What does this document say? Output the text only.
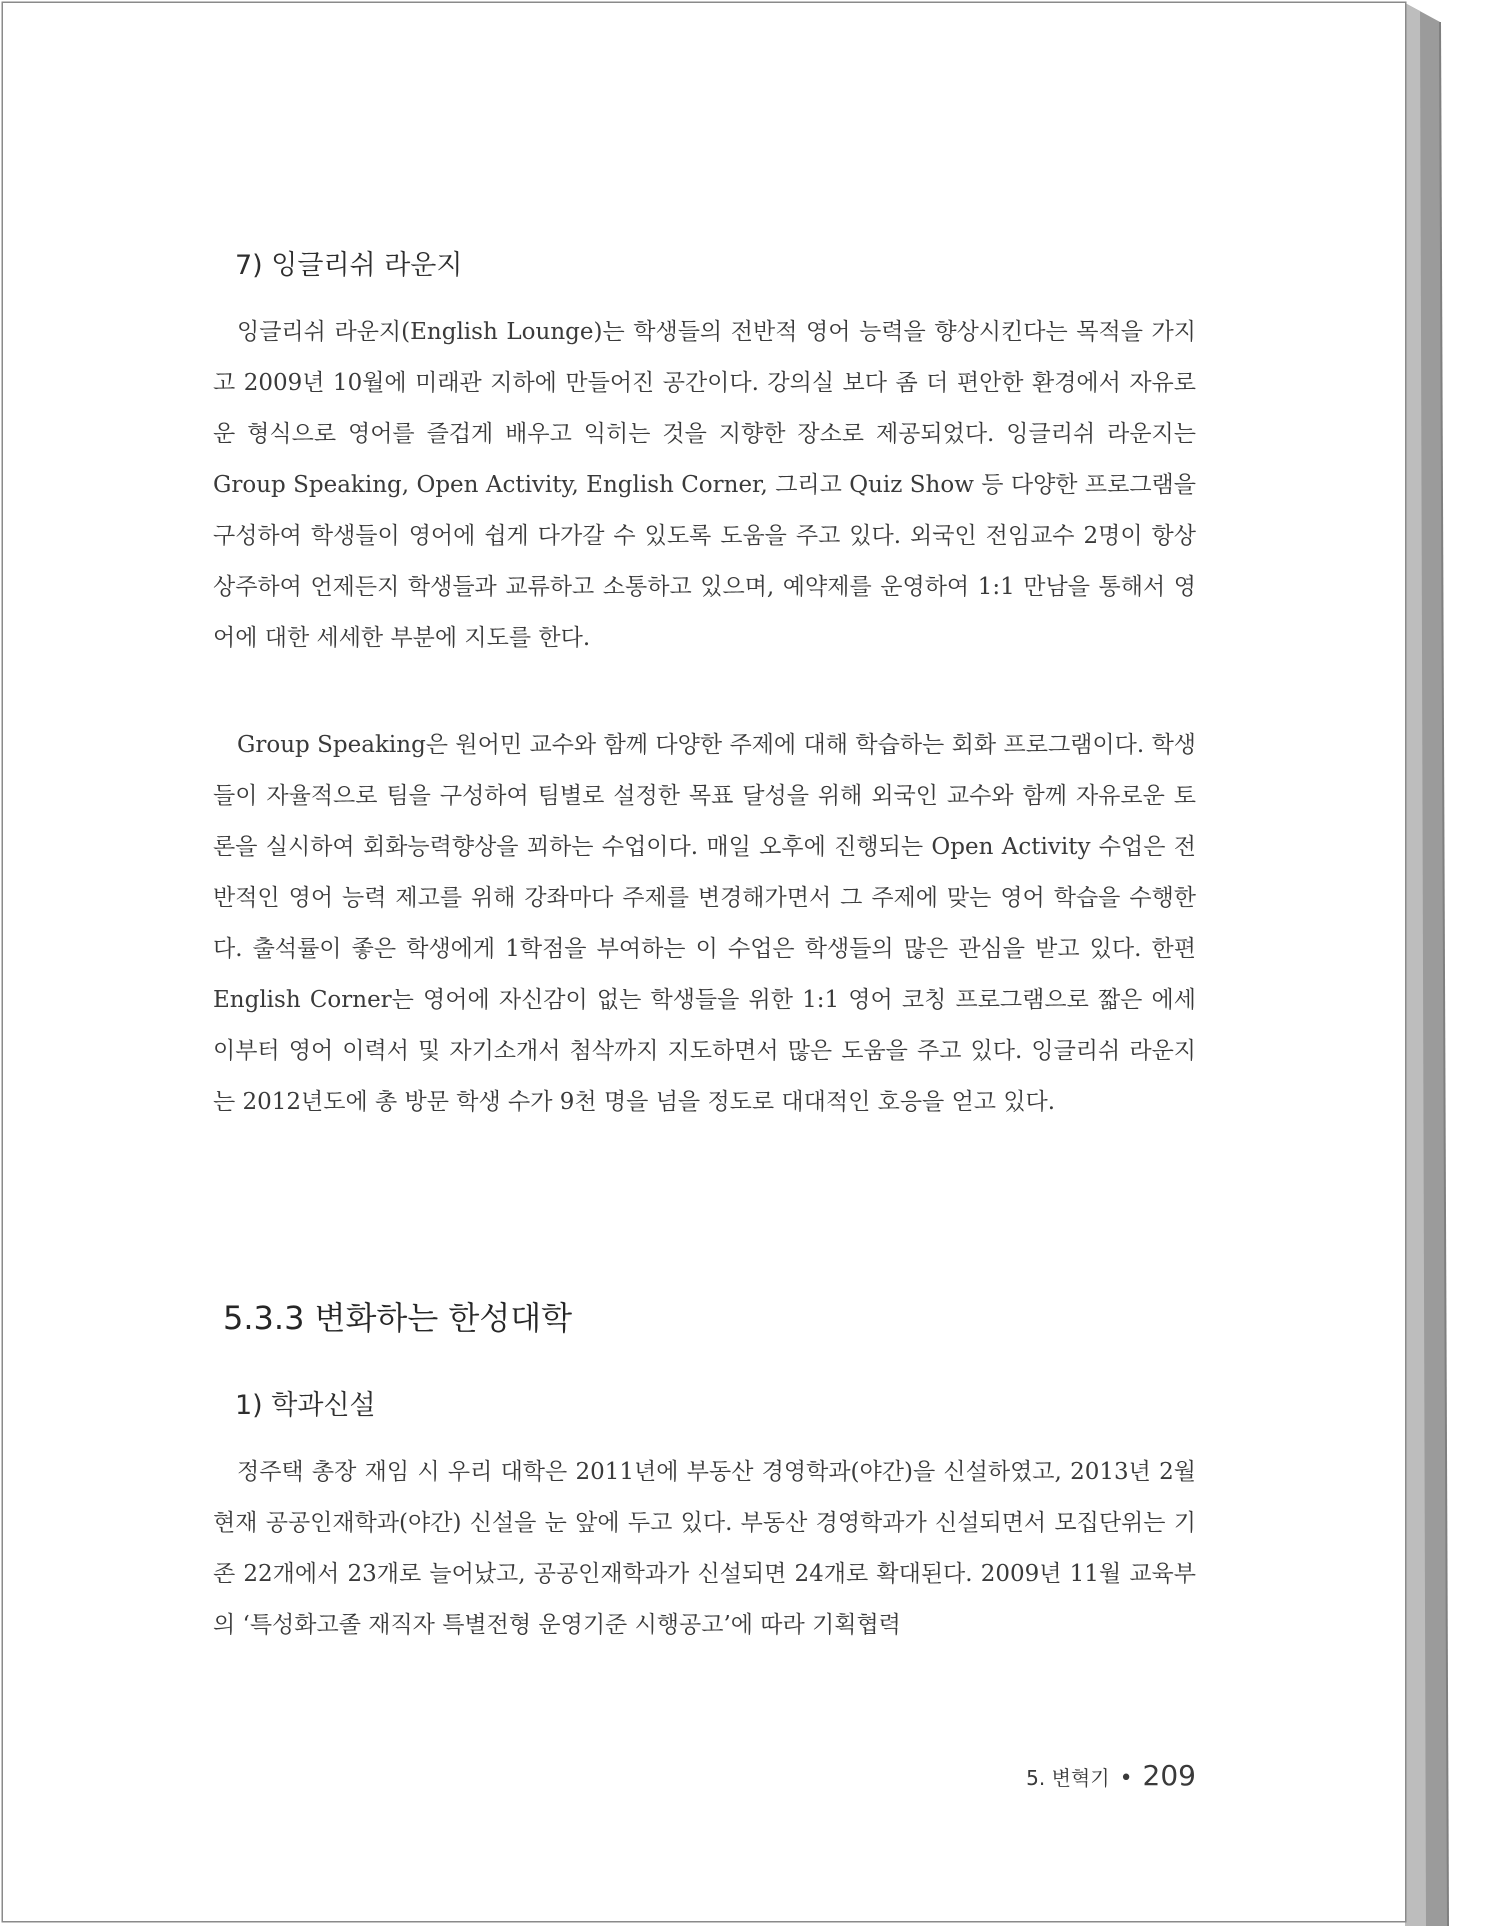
7) 잉글리쉬 라운지

잉글리쉬 라운지(English Lounge)는 학생들의 전반적 영어 능력을 향상시킨다는 목적을 가지고 2009년 10월에 미래관 지하에 만들어진 공간이다. 강의실 보다 좀 더 편안한 환경에서 자유로운 형식으로 영어를 즐겁게 배우고 익히는 것을 지향한 장소로 제공되었다. 잉글리쉬 라운지는 Group Speaking, Open Activity, English Corner, 그리고 Quiz Show 등 다양한 프로그램을 구성하여 학생들이 영어에 쉽게 다가갈 수 있도록 도움을 주고 있다. 외국인 전임교수 2명이 항상 상주하여 언제든지 학생들과 교류하고 소통하고 있으며, 예약제를 운영하여 1:1 만남을 통해서 영어에 대한 세세한 부분에 지도를 한다.

Group Speaking은 원어민 교수와 함께 다양한 주제에 대해 학습하는 회화 프로그램이다. 학생들이 자율적으로 팀을 구성하여 팀별로 설정한 목표 달성을 위해 외국인 교수와 함께 자유로운 토론을 실시하여 회화능력향상을 꾀하는 수업이다. 매일 오후에 진행되는 Open Activity 수업은 전반적인 영어 능력 제고를 위해 강좌마다 주제를 변경해가면서 그 주제에 맞는 영어 학습을 수행한다. 출석률이 좋은 학생에게 1학점을 부여하는 이 수업은 학생들의 많은 관심을 받고 있다. 한편 English Corner는 영어에 자신감이 없는 학생들을 위한 1:1 영어 코칭 프로그램으로 짧은 에세이부터 영어 이력서 및 자기소개서 첨삭까지 지도하면서 많은 도움을 주고 있다. 잉글리쉬 라운지는 2012년도에 총 방문 학생 수가 9천 명을 넘을 정도로 대대적인 호응을 얻고 있다.

5.3.3 변화하는 한성대학
1) 학과신설

정주택 총장 재임 시 우리 대학은 2011년에 부동산 경영학과(야간)을 신설하였고, 2013년 2월 현재 공공인재학과(야간) 신설을 눈 앞에 두고 있다. 부동산 경영학과가 신설되면서 모집단위는 기존 22개에서 23개로 늘어났고, 공공인재학과가 신설되면 24개로 확대된다. 2009년 11월 교육부의 ‘특성화고졸 재직자 특별전형 운영기준 시행공고’에 따라 기획협력

5. 변혁기 • 209
